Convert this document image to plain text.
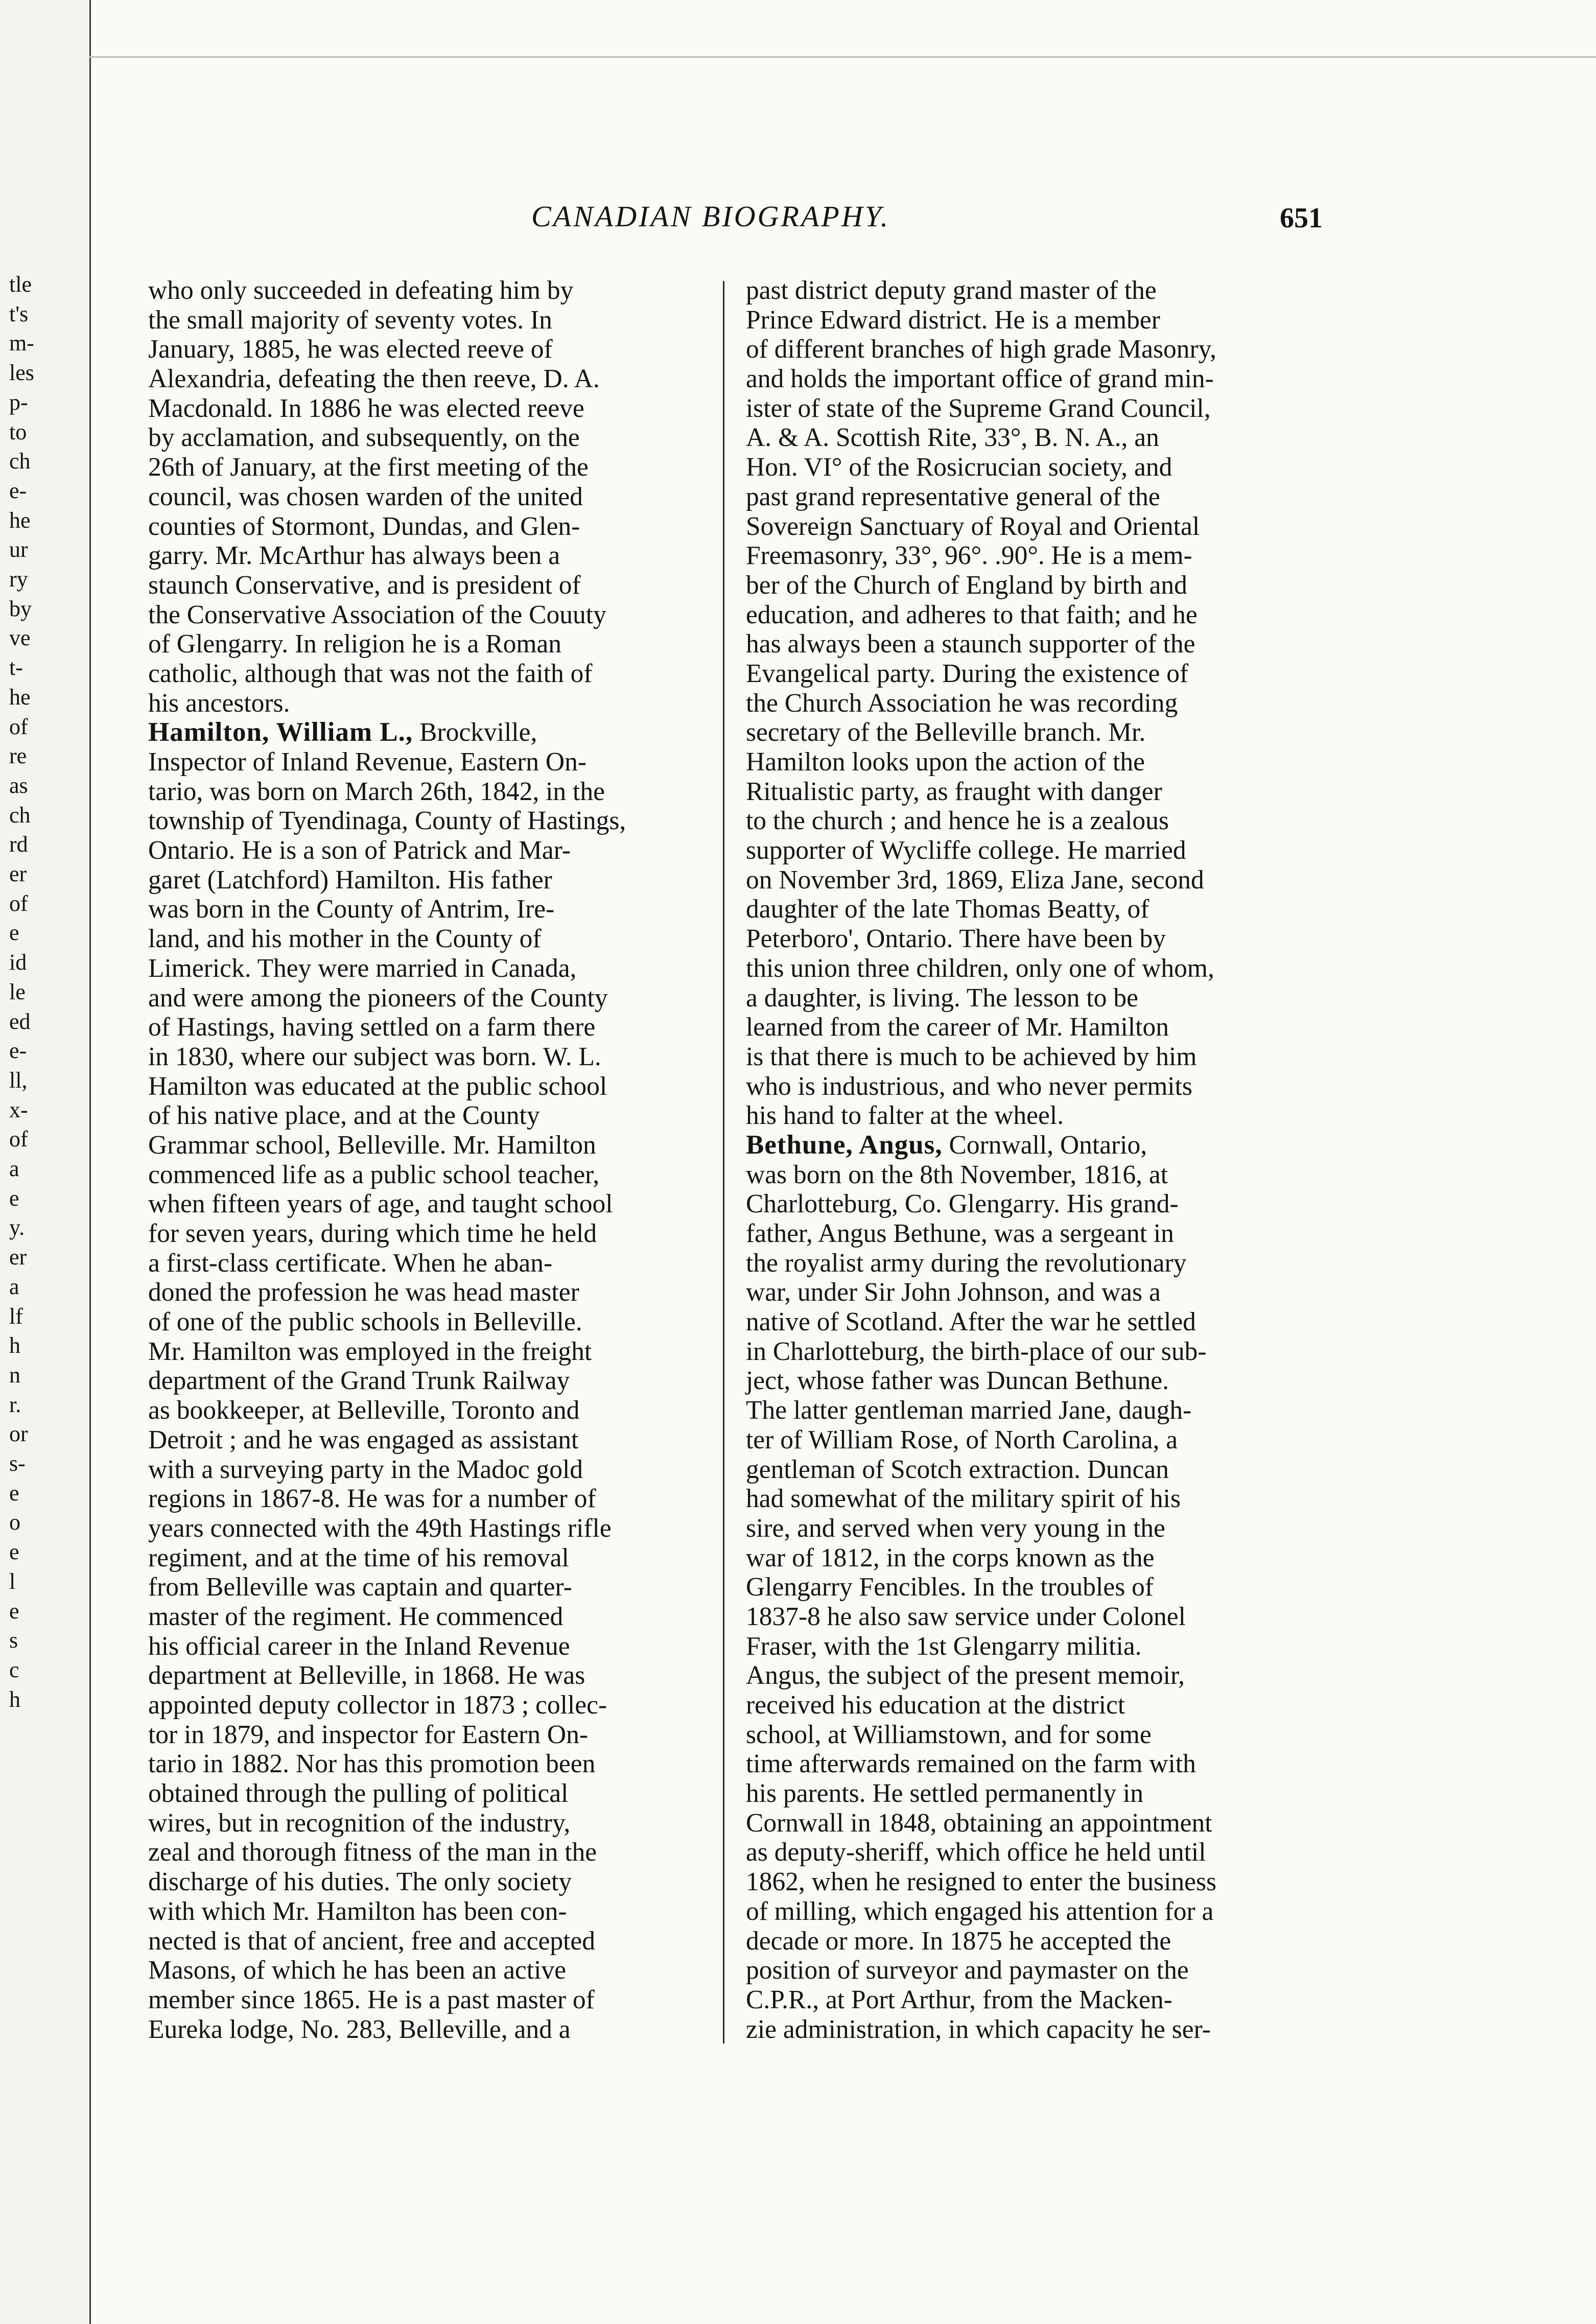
tle
t's
m-
les
p-
to
ch
e-
he
ur
ry
by
ve
t-
he
of
re
as
ch
rd
er
of
e
id
le
ed
e-
ll,
x-
of
a
e
y.
er
a
lf
h
n
r.
or
s-
e
o
e
l
e
s
c
h
CANADIAN BIOGRAPHY.	651
who only succeeded in defeating him by
the small majority of seventy votes. In
January, 1885, he was elected reeve of
Alexandria, defeating the then reeve, D. A.
Macdonald. In 1886 he was elected reeve
by acclamation, and subsequently, on the
26th of January, at the first meeting of the
council, was chosen warden of the united
counties of Stormont, Dundas, and Glen-
garry. Mr. McArthur has always been a
staunch Conservative, and is president of
the Conservative Association of the Couuty
of Glengarry. In religion he is a Roman
catholic, although that was not the faith of
his ancestors.
Hamilton, William L., Brockville,
Inspector of Inland Revenue, Eastern On-
tario, was born on March 26th, 1842, in the
township of Tyendinaga, County of Hastings,
Ontario. He is a son of Patrick and Mar-
garet (Latchford) Hamilton. His father
was born in the County of Antrim, Ire-
land, and his mother in the County of
Limerick. They were married in Canada,
and were among the pioneers of the County
of Hastings, having settled on a farm there
in 1830, where our subject was born. W. L.
Hamilton was educated at the public school
of his native place, and at the County
Grammar school, Belleville. Mr. Hamilton
commenced life as a public school teacher,
when fifteen years of age, and taught school
for seven years, during which time he held
a first-class certificate. When he aban-
doned the profession he was head master
of one of the public schools in Belleville.
Mr. Hamilton was employed in the freight
department of the Grand Trunk Railway
as bookkeeper, at Belleville, Toronto and
Detroit ; and he was engaged as assistant
with a surveying party in the Madoc gold
regions in 1867-8. He was for a number of
years connected with the 49th Hastings rifle
regiment, and at the time of his removal
from Belleville was captain and quarter-
master of the regiment. He commenced
his official career in the Inland Revenue
department at Belleville, in 1868. He was
appointed deputy collector in 1873 ; collec-
tor in 1879, and inspector for Eastern On-
tario in 1882. Nor has this promotion been
obtained through the pulling of political
wires, but in recognition of the industry,
zeal and thorough fitness of the man in the
discharge of his duties. The only society
with which Mr. Hamilton has been con-
nected is that of ancient, free and accepted
Masons, of which he has been an active
member since 1865. He is a past master of
Eureka lodge, No. 283, Belleville, and a
past district deputy grand master of the
Prince Edward district. He is a member
of different branches of high grade Masonry,
and holds the important office of grand min-
ister of state of the Supreme Grand Council,
A. & A. Scottish Rite, 33°, B. N. A., an
Hon. VI° of the Rosicrucian society, and
past grand representative general of the
Sovereign Sanctuary of Royal and Oriental
Freemasonry, 33°, 96°. .90°. He is a mem-
ber of the Church of England by birth and
education, and adheres to that faith; and he
has always been a staunch supporter of the
Evangelical party. During the existence of
the Church Association he was recording
secretary of the Belleville branch. Mr.
Hamilton looks upon the action of the
Ritualistic party, as fraught with danger
to the church ; and hence he is a zealous
supporter of Wycliffe college. He married
on November 3rd, 1869, Eliza Jane, second
daughter of the late Thomas Beatty, of
Peterboro', Ontario. There have been by
this union three children, only one of whom,
a daughter, is living. The lesson to be
learned from the career of Mr. Hamilton
is that there is much to be achieved by him
who is industrious, and who never permits
his hand to falter at the wheel.
Bethune, Angus, Cornwall, Ontario,
was born on the 8th November, 1816, at
Charlotteburg, Co. Glengarry. His grand-
father, Angus Bethune, was a sergeant in
the royalist army during the revolutionary
war, under Sir John Johnson, and was a
native of Scotland. After the war he settled
in Charlotteburg, the birth-place of our sub-
ject, whose father was Duncan Bethune.
The latter gentleman married Jane, daugh-
ter of William Rose, of North Carolina, a
gentleman of Scotch extraction. Duncan
had somewhat of the military spirit of his
sire, and served when very young in the
war of 1812, in the corps known as the
Glengarry Fencibles. In the troubles of
1837-8 he also saw service under Colonel
Fraser, with the 1st Glengarry militia.
Angus, the subject of the present memoir,
received his education at the district
school, at Williamstown, and for some
time afterwards remained on the farm with
his parents. He settled permanently in
Cornwall in 1848, obtaining an appointment
as deputy-sheriff, which office he held until
1862, when he resigned to enter the business
of milling, which engaged his attention for a
decade or more. In 1875 he accepted the
position of surveyor and paymaster on the
C.P.R., at Port Arthur, from the Macken-
zie administration, in which capacity he ser-
